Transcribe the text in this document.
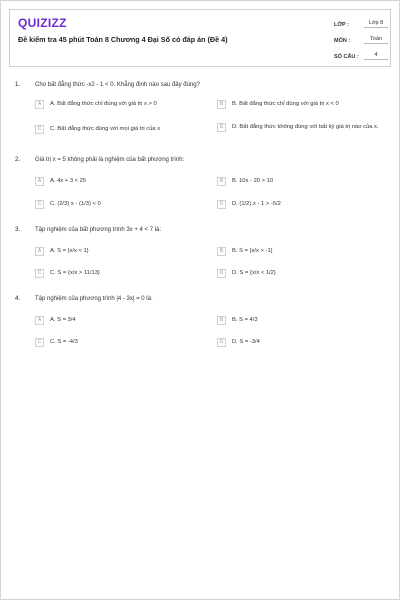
QUIZIZZ
Đề kiểm tra 45 phút Toán 8 Chương 4 Đại Số có đáp án (Đề 4)
LỚP :	Lớp 8
MÔN :	Toán
SỐ CÂU :	4
1. Cho bất đẳng thức -x2 - 1 < 0. Khẳng định nào sau đây đúng?
A	A. Bất đẳng thức chỉ đúng với giá trị x > 0	B	B. Bất đẳng thức chỉ đúng với giá trị x < 0
C	C. Bất đẳng thức đúng với mọi giá trị của x	D	D. Bất đẳng thức không đúng với bất kỳ giá trị nào của x.
2. Giá trị x = 5 không phải là nghiệm của bất phương trình:
A	A. 4x + 3 < 25	B	B. 10x - 20 > 10
C	C. (2/3) x - (1/3) < 0	D	D. (1/2).x - 1 > -5/2
3. Tập nghiệm của bất phương trình 3x + 4 < 7 là:
A	A. S = {x/x < 1}	B	B. S = {x/x > -1}
C	C. S = {x/x > 11/13}	D	D. S = {x/x < 1/2}
4. Tập nghiệm của phương trình |4 - 3x| = 0 là:
A	A. S = 3/4	B	B. S = 4/3
C	C. S = -4/3	D	D. S = -3/4
